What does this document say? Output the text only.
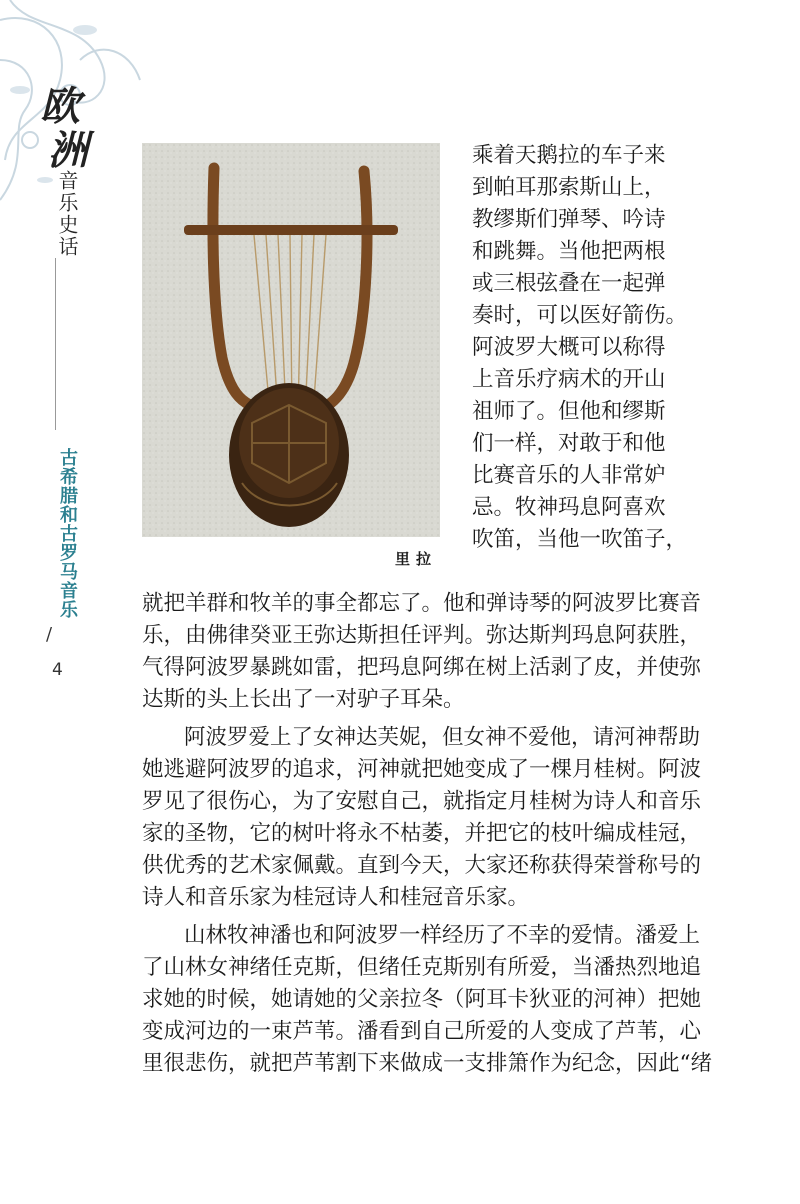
欧
洲
音乐史话
古希腊和古罗马音乐
/
4
里拉
乘着天鹅拉的车子来
到帕耳那索斯山上，
教缪斯们弹琴、吟诗
和跳舞。当他把两根
或三根弦叠在一起弹
奏时，可以医好箭伤。
阿波罗大概可以称得
上音乐疗病术的开山
祖师了。但他和缪斯
们一样，对敢于和他
比赛音乐的人非常妒
忌。牧神玛息阿喜欢
吹笛，当他一吹笛子，
就把羊群和牧羊的事全都忘了。他和弹诗琴的阿波罗比赛音
乐，由佛律癸亚王弥达斯担任评判。弥达斯判玛息阿获胜，
气得阿波罗暴跳如雷，把玛息阿绑在树上活剥了皮，并使弥
达斯的头上长出了一对驴子耳朵。
阿波罗爱上了女神达芙妮，但女神不爱他，请河神帮助
她逃避阿波罗的追求，河神就把她变成了一棵月桂树。阿波
罗见了很伤心，为了安慰自己，就指定月桂树为诗人和音乐
家的圣物，它的树叶将永不枯萎，并把它的枝叶编成桂冠，
供优秀的艺术家佩戴。直到今天，大家还称获得荣誉称号的
诗人和音乐家为桂冠诗人和桂冠音乐家。
山林牧神潘也和阿波罗一样经历了不幸的爱情。潘爱上
了山林女神绪任克斯，但绪任克斯别有所爱，当潘热烈地追
求她的时候，她请她的父亲拉冬（阿耳卡狄亚的河神）把她
变成河边的一束芦苇。潘看到自己所爱的人变成了芦苇，心
里很悲伤，就把芦苇割下来做成一支排箫作为纪念，因此“绪
